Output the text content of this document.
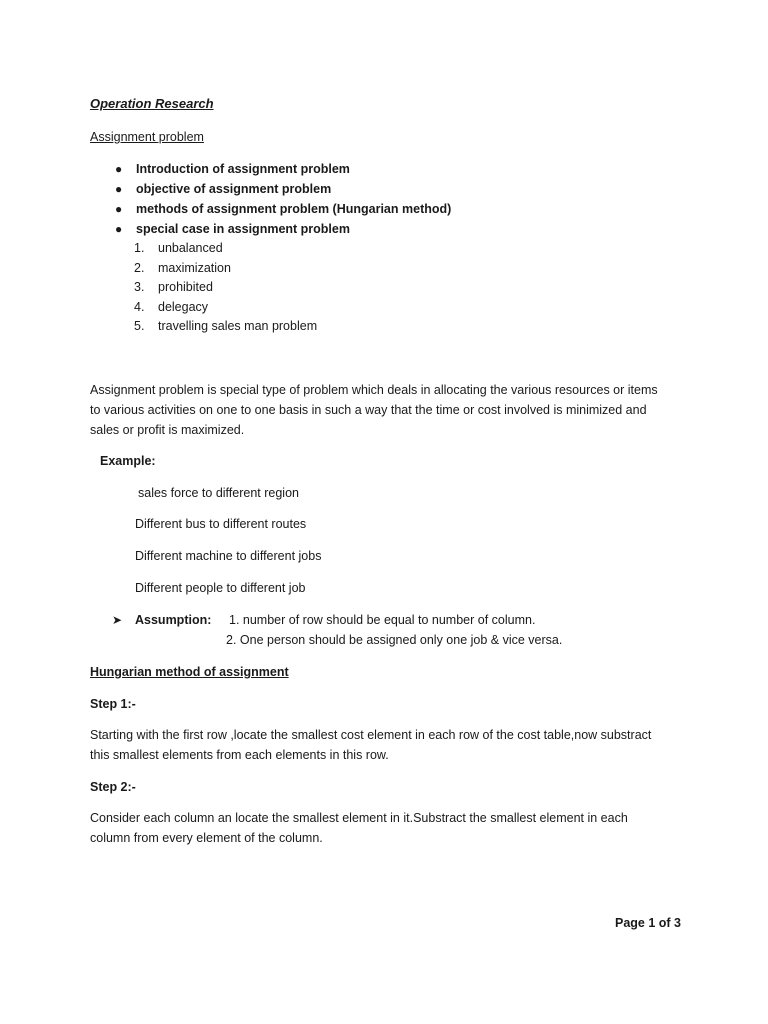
Operation Research
Assignment problem
● Introduction of assignment problem
● objective of assignment problem
● methods of assignment problem (Hungarian method)
● special case in assignment problem
1. unbalanced
2. maximization
3. prohibited
4. delegacy
5. travelling sales man problem
Assignment problem is special type of problem which deals in allocating the various resources or items
to various activities on one to one basis in such a way that the time or cost involved is minimized and
sales or profit is maximized.
Example:
sales force to different region
Different bus to different routes
Different machine to different jobs
Different people to different job
➤ Assumption: 1. number of row should be equal to number of column.
2. One person should be assigned only one job & vice versa.
Hungarian method of assignment
Step 1:-
Starting with the first row ,locate the smallest cost element in each row of the cost table,now substract
this smallest elements from each elements in this row.
Step 2:-
Consider each column an locate the smallest element in it.Substract the smallest element in each
column from every element of the column.
Page 1 of 3
